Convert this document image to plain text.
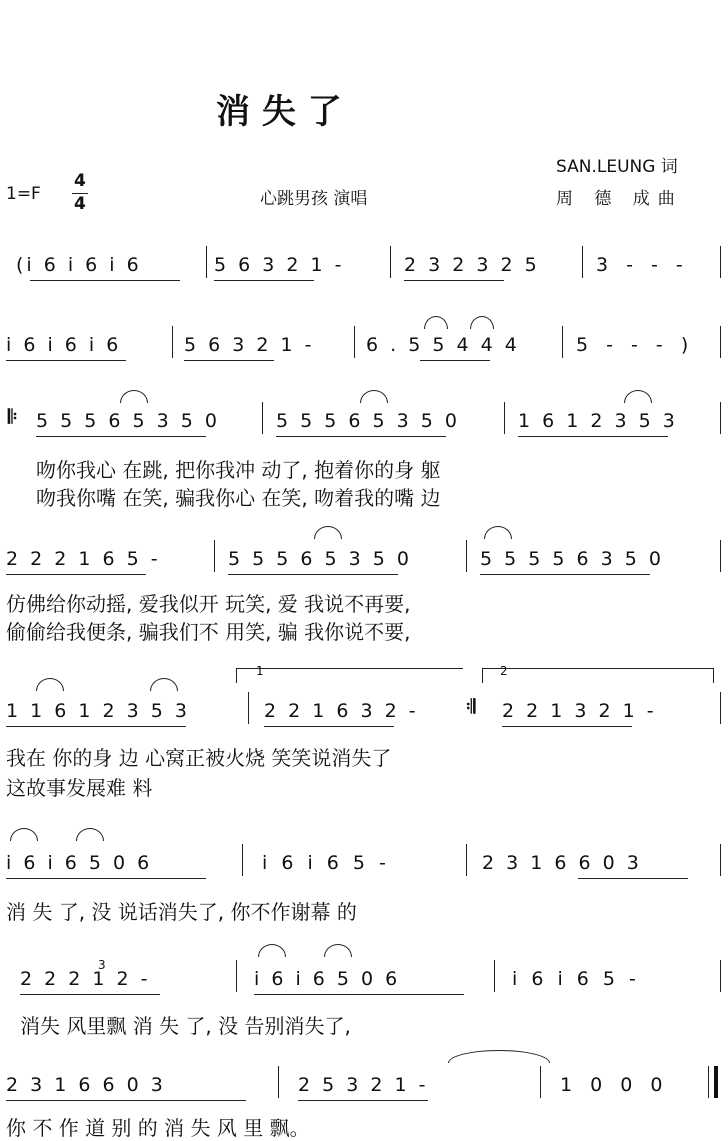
消 失 了
SAN.LEUNG 词
1=F
4
4	心跳男孩 演唱	周 德 成曲
(i 6 i 6 i 6	5 6 3 2 1 -	2 3 2 3 2 5	3 - - -
i 6 i 6 i 6	5 6 3 2 1 -	6 . 5 5 4 4 4	5 - - - )
𝄆 5 5 5 6 5 3 5 0	5 5 5 6 5 3 5 0	1 6 1 2 3 5 3
吻你我心 在跳, 把你我冲 动了, 抱着你的身 躯
吻我你嘴 在笑, 骗我你心 在笑, 吻着我的嘴 边
2 2 2 1 6 5 -	5 5 5 6 5 3 5 0	5 5 5 5 6 3 5 0
仿佛给你动摇, 爱我似开 玩笑, 爱 我说不再要,
偷偷给我便条, 骗我们不 用笑, 骗 我你说不要,
1 1 6 1 2 3 5 3
1
2 2 1 6 3 2 - 𝄇
2
2 2 1 3 2 1 -
我在 你的身 边 心窝正被火烧 笑笑说消失了
这故事发展难 料
i 6 i 6 5 0 6	i 6 i 6 5 -	2 3 1 6 6 0 3
消 失 了, 没 说话消失了, 你不作谢幕 的
2 2 2 1 2 -
3
i 6 i 6 5 0 6	i 6 i 6 5 -
消失 风里飘 消 失 了, 没 告别消失了,
2 3 1 6 6 0 3	2 5 3 2 1 -	1 0 0 0
你 不 作 道 别 的 消 失 风 里 飘。
